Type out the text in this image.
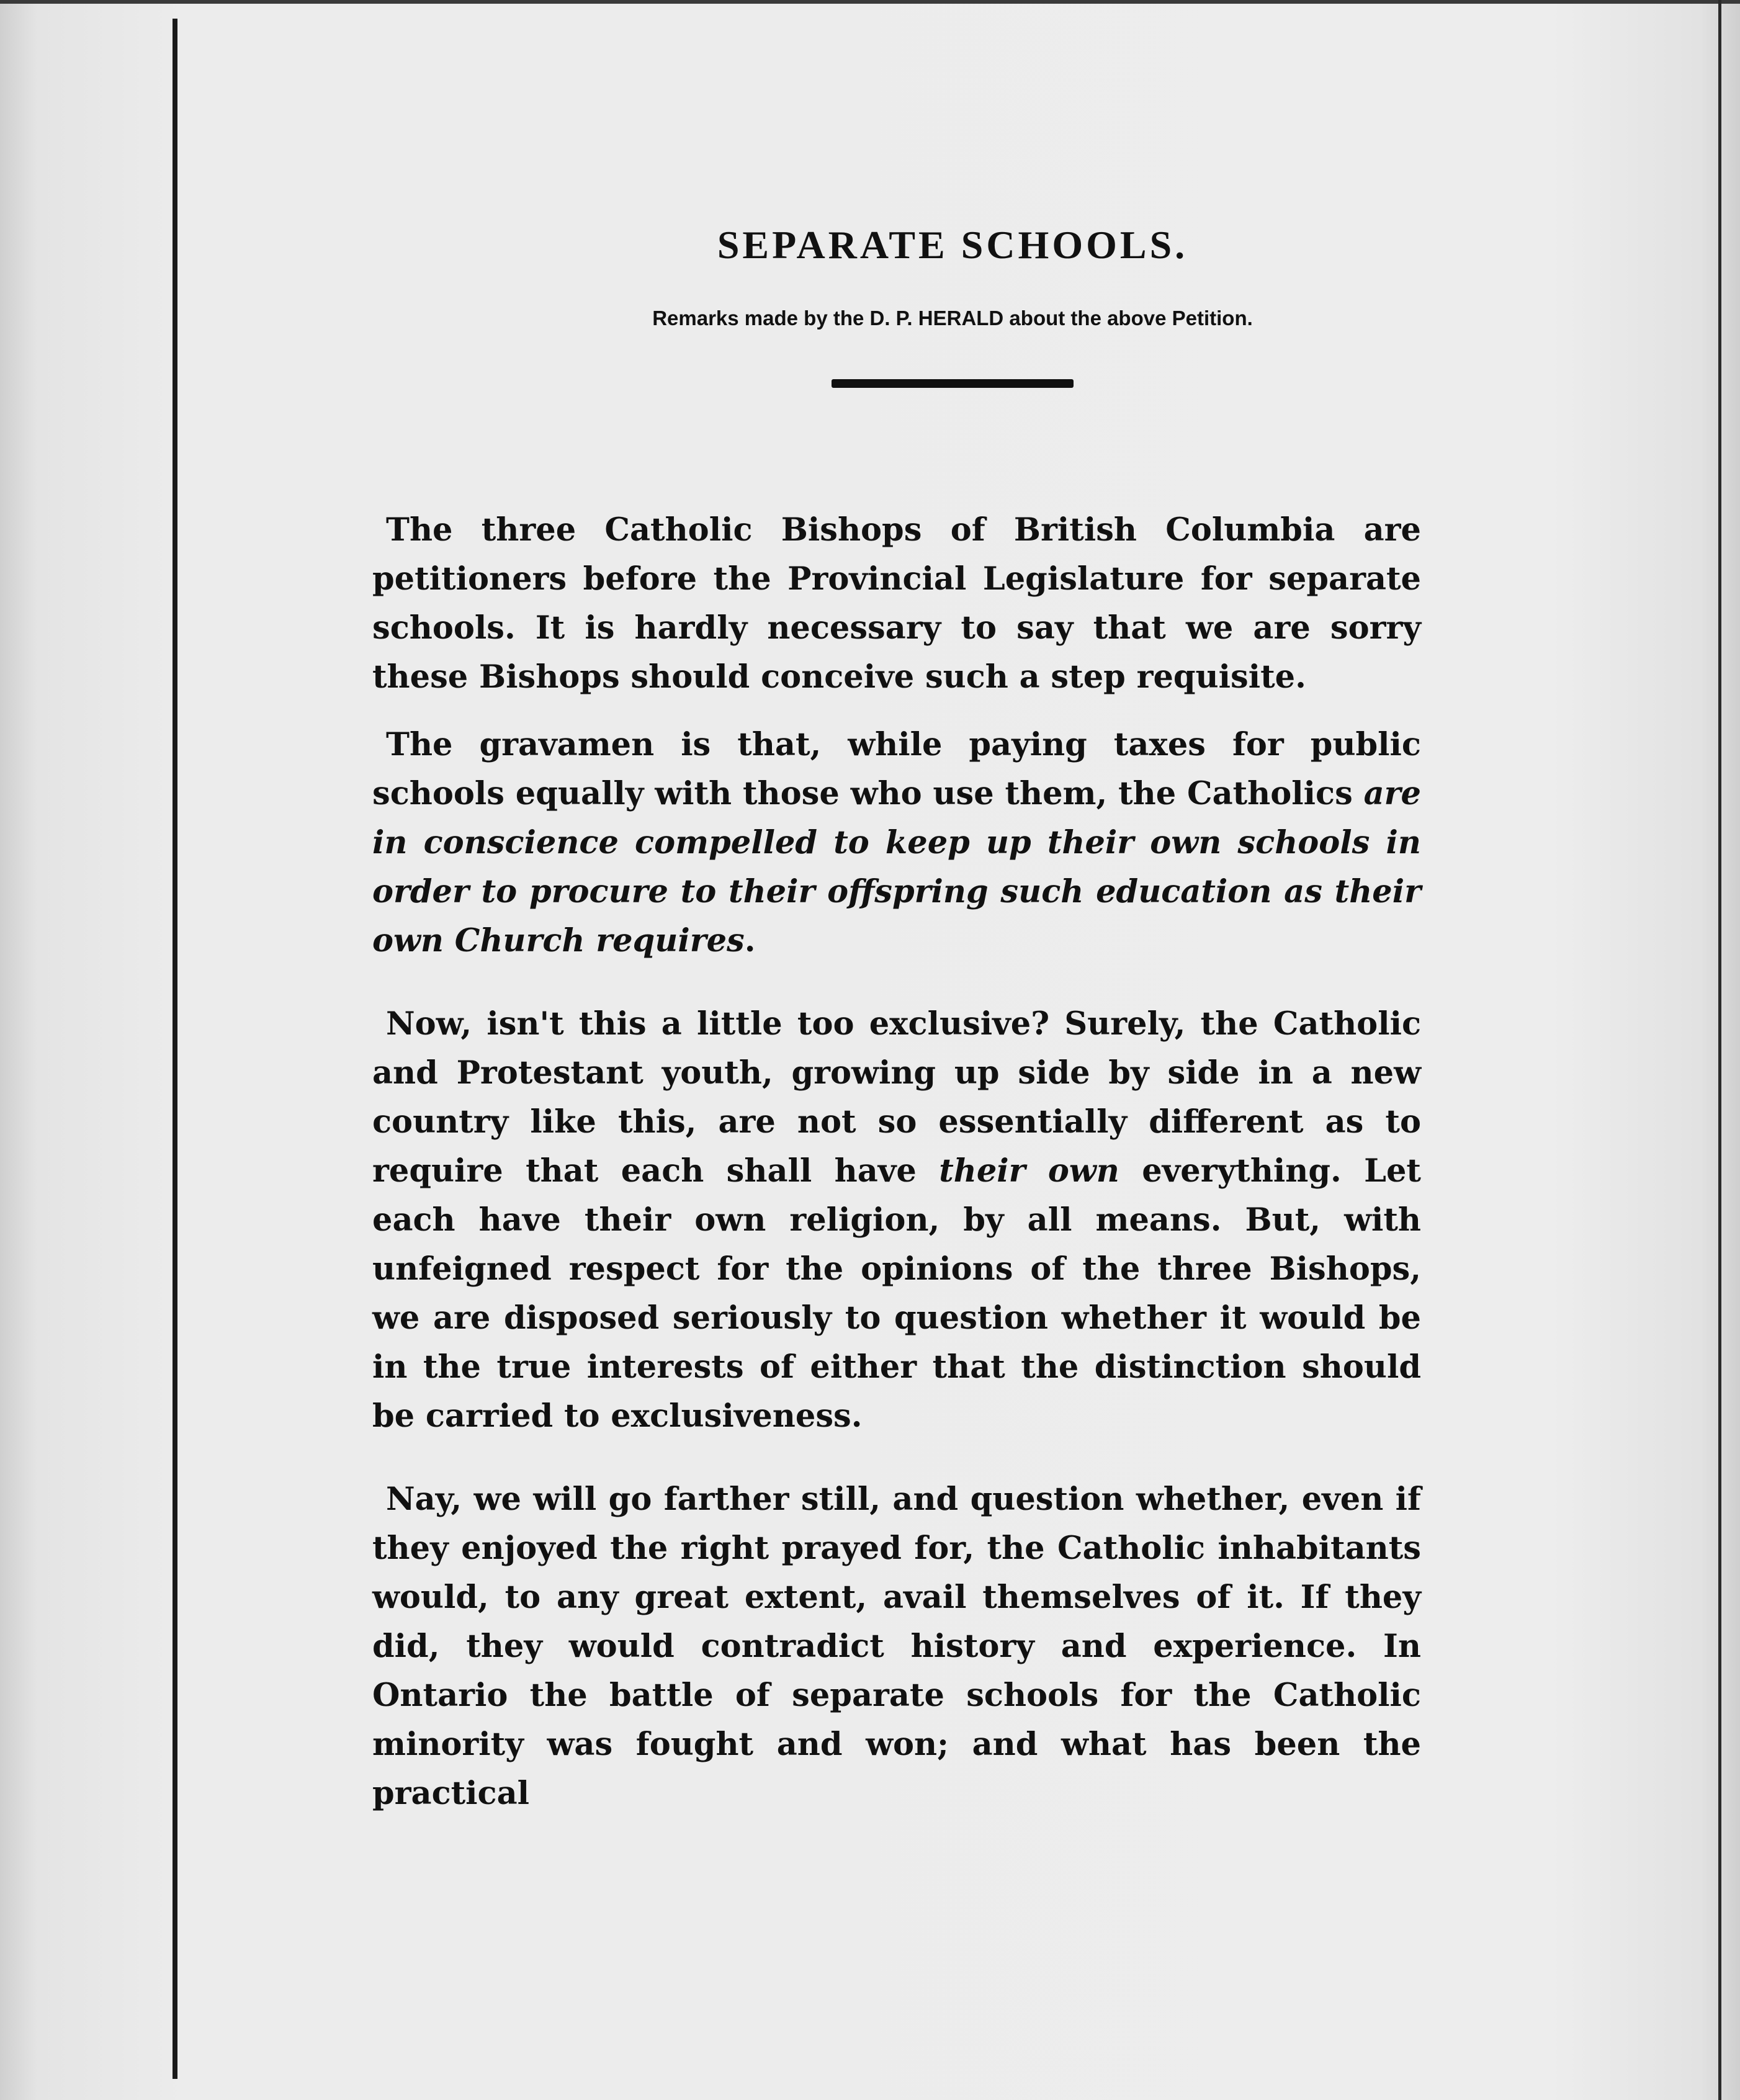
SEPARATE SCHOOLS.
Remarks made by the D. P. HERALD about the above Petition.

The three Catholic Bishops of British Columbia are petitioners before the Provincial Legislature for separate schools. It is hardly necessary to say that we are sorry these Bishops should conceive such a step requisite.

The gravamen is that, while paying taxes for public schools equally with those who use them, the Catholics are in conscience compelled to keep up their own schools in order to procure to their offspring such education as their own Church requires.

Now, isn't this a little too exclusive? Surely, the Catholic and Protestant youth, growing up side by side in a new country like this, are not so essentially different as to require that each shall have their own everything. Let each have their own religion, by all means. But, with unfeigned respect for the opinions of the three Bishops, we are disposed seriously to question whether it would be in the true interests of either that the distinction should be carried to exclusiveness.

Nay, we will go farther still, and question whether, even if they enjoyed the right prayed for, the Catholic inhabitants would, to any great extent, avail themselves of it. If they did, they would contradict history and experience. In Ontario the battle of separate schools for the Catholic minority was fought and won; and what has been the practical
